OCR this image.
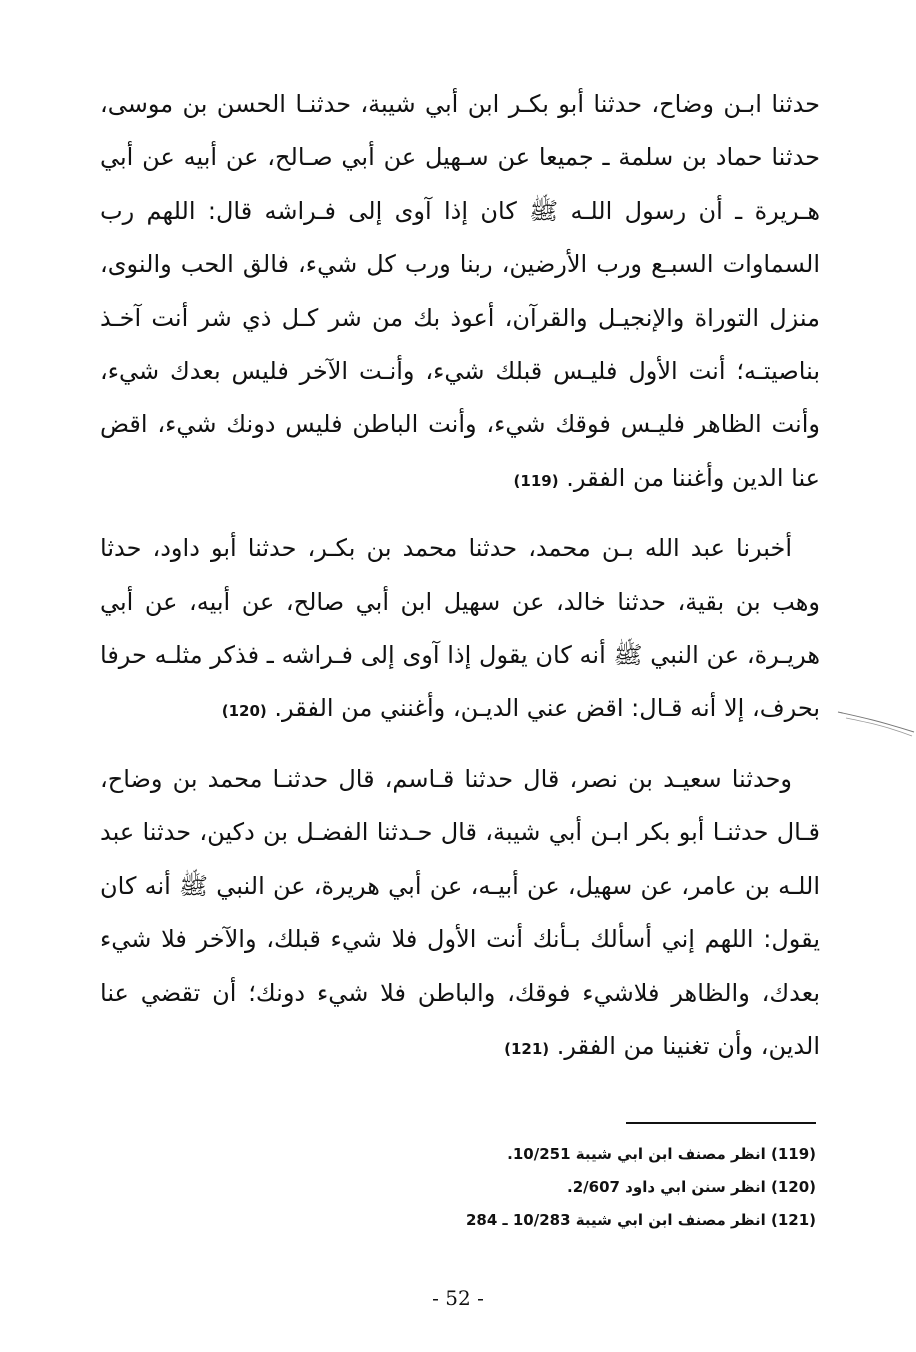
حدثنا ابـن وضاح، حدثنا أبو بكـر ابن أبي شيبة، حدثنـا الحسن بن موسى، حدثنا حماد بن سلمة ـ جميعا عن سـهيل عن أبي صـالح، عن أبيه عن أبي هـريرة ـ أن رسول اللـه ﷺ كان إذا آوى إلى فـراشه قال: اللهم رب السماوات السبـع ورب الأرضين، ربنا ورب كل شيء، فالق الحب والنوى، منزل التوراة والإنجيـل والقرآن، أعوذ بك من شر كـل ذي شر أنت آخـذ بناصيتـه؛ أنت الأول فليـس قبلك شيء، وأنـت الآخر فليس بعدك شيء، وأنت الظاهر فليـس فوقك شيء، وأنت الباطن فليس دونك شيء، اقض عنا الدين وأغننا من الفقر. (119)

أخبرنا عبد الله بـن محمد، حدثنا محمد بن بكـر، حدثنا أبو داود، حدثا وهب بن بقية، حدثنا خالد، عن سهيل ابن أبي صالح، عن أبيه، عن أبي هريـرة، عن النبي ﷺ أنه كان يقول إذا آوى إلى فـراشه ـ فذكر مثلـه حرفا بحرف، إلا أنه قـال: اقض عني الديـن، وأغنني من الفقر. (120)

وحدثنا سعيـد بن نصر، قال حدثنا قـاسم، قال حدثنـا محمد بن وضاح، قـال حدثنـا أبو بكر ابـن أبي شيبة، قال حـدثنا الفضـل بن دكين، حدثنا عبد اللـه بن عامر، عن سهيل، عن أبيـه، عن أبي هريرة، عن النبي ﷺ أنه كان يقول: اللهم إني أسألك بـأنك أنت الأول فلا شيء قبلك، والآخر فلا شيء بعدك، والظاهر فلاشيء فوقك، والباطن فلا شيء دونك؛ أن تقضي عنا الدين، وأن تغنينا من الفقر. (121)

(119) انظر مصنف ابن ابي شيبة 10/251.

(120) انظر سنن ابي داود 2/607.

(121) انظر مصنف ابن ابي شيبة 10/283 ـ 284

- 52 -
